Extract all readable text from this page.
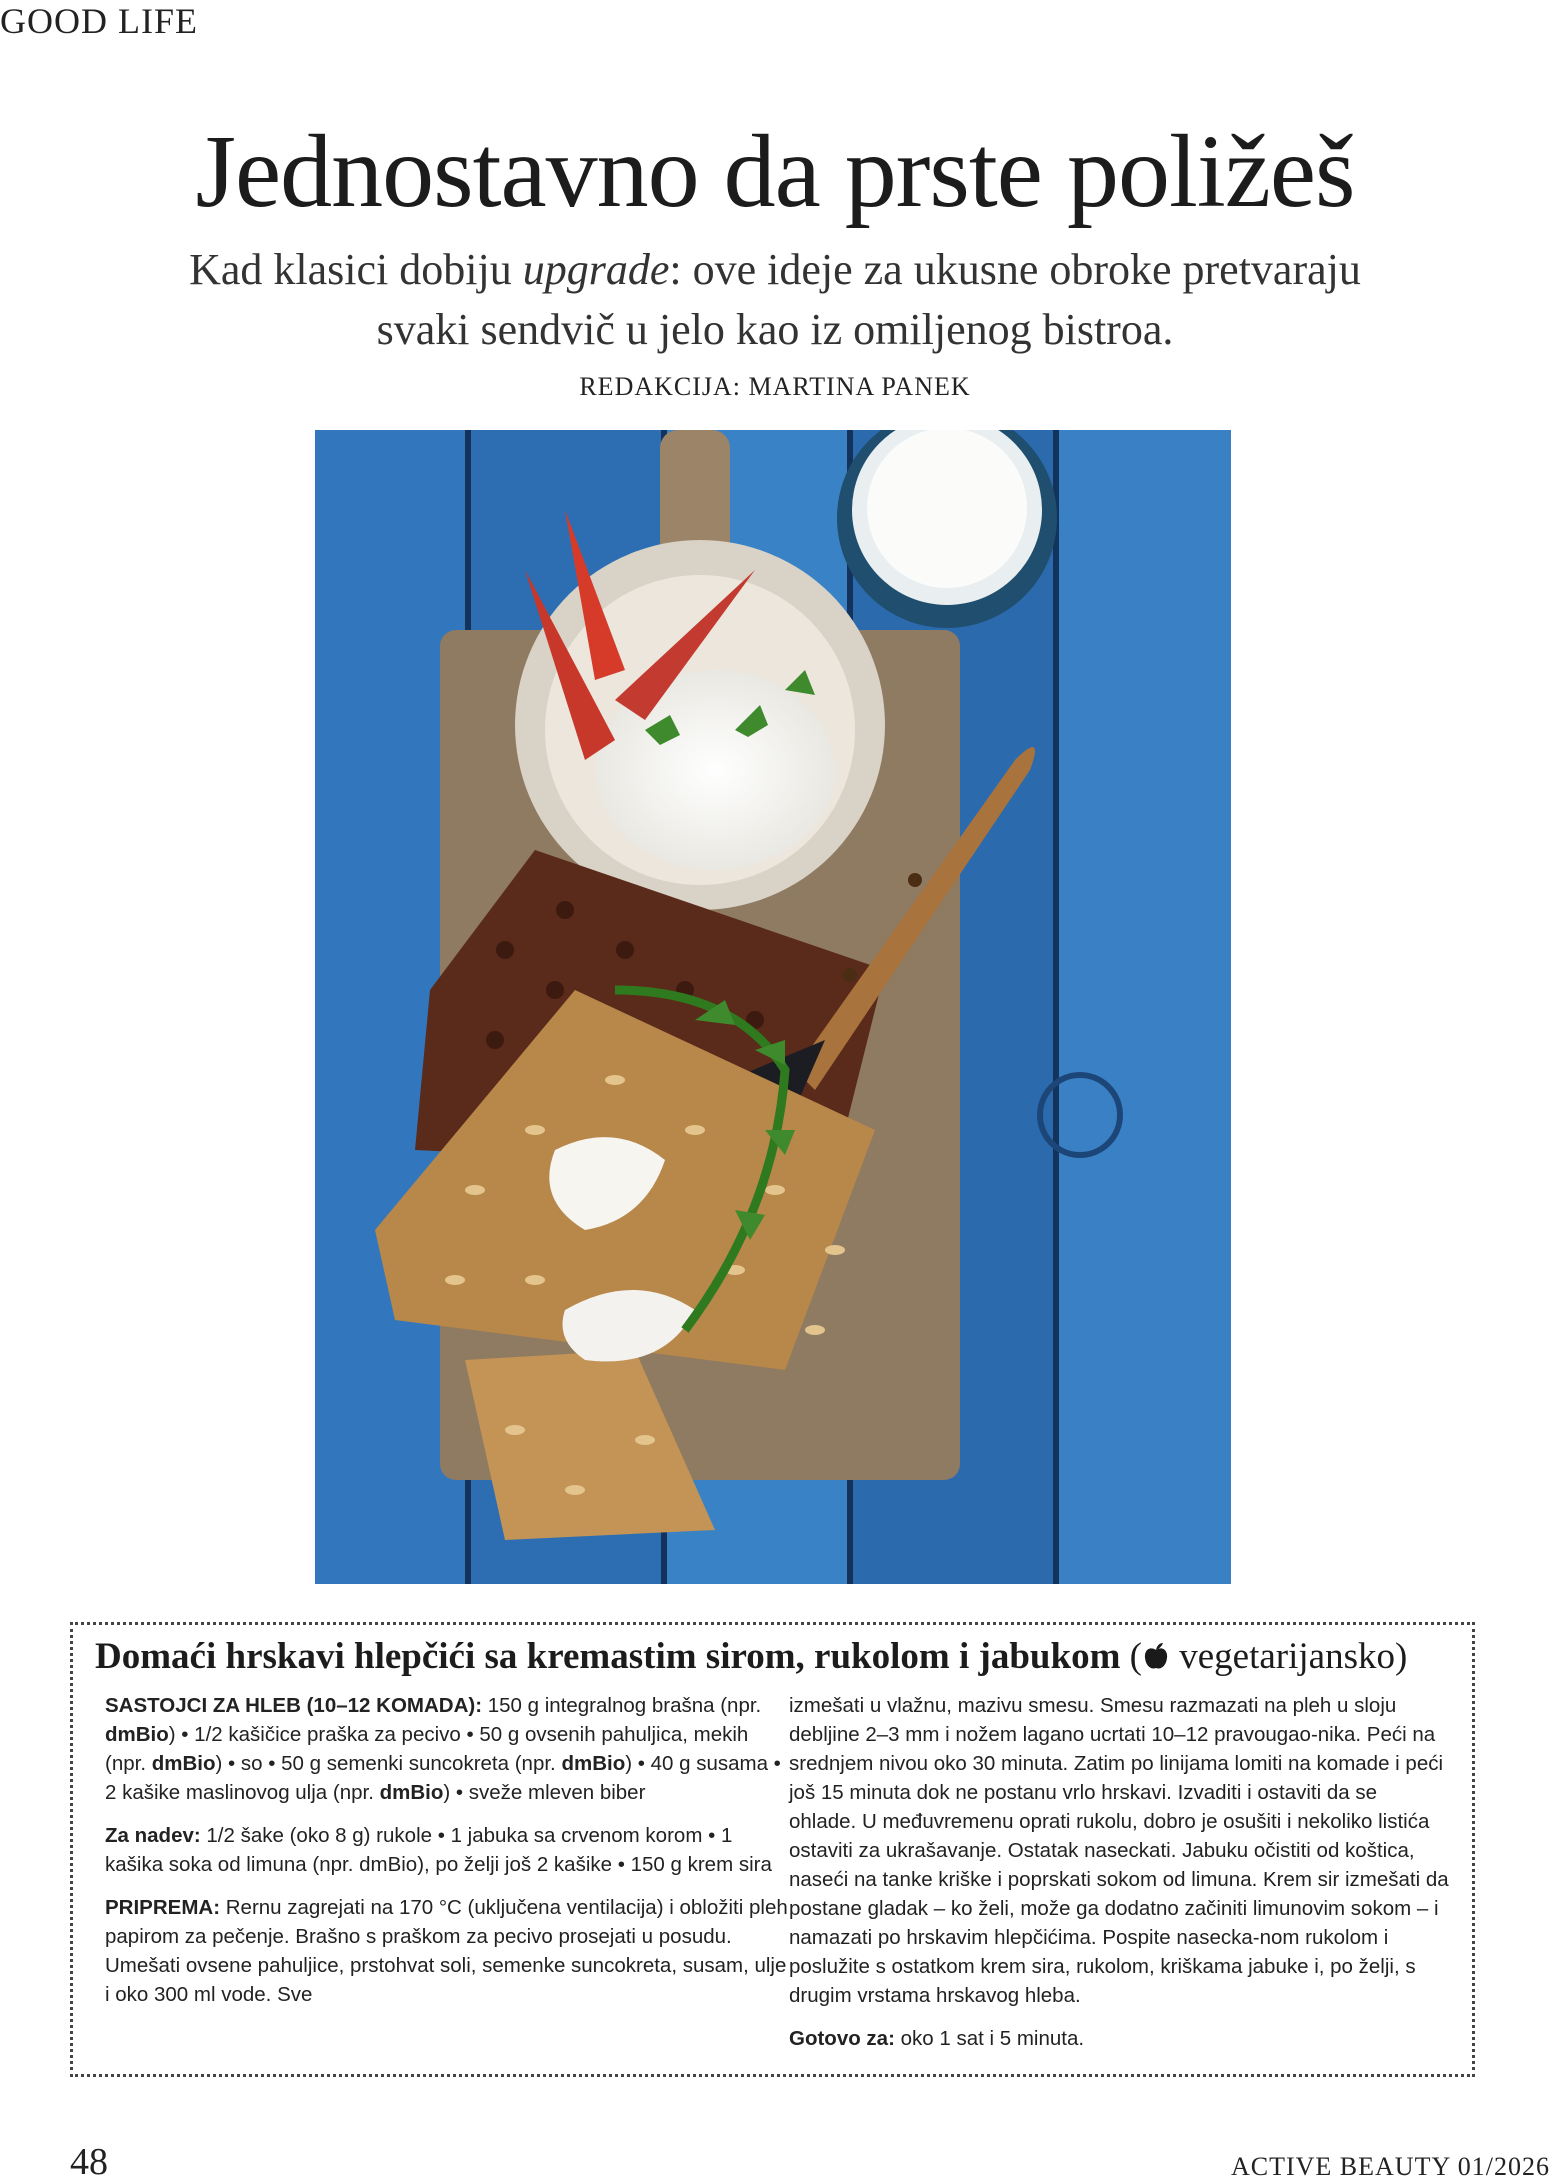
GOOD LIFE
Jednostavno da prste poližeš
Kad klasici dobiju upgrade: ove ideje za ukusne obroke pretvaraju svaki sendvič u jelo kao iz omiljenog bistroa.
REDAKCIJA: MARTINA PANEK
Domaći hrskavi hlepčići sa kremastim sirom, rukolom i jabukom ( vegetarijansko)

SASTOJCI ZA HLEB (10–12 KOMADA): 150 g integralnog brašna (npr. dmBio) • 1/2 kašičice praška za pecivo • 50 g ovsenih pahuljica, mekih (npr. dmBio) • so • 50 g semenki suncokreta (npr. dmBio) • 40 g susama • 2 kašike maslinovog ulja (npr. dmBio) • sveže mleven biber

Za nadev: 1/2 šake (oko 8 g) rukole • 1 jabuka sa crvenom korom • 1 kašika soka od limuna (npr. dmBio), po želji još 2 kašike • 150 g krem sira

PRIPREMA: Rernu zagrejati na 170 °C (uključena ventilacija) i obložiti pleh papirom za pečenje. Brašno s praškom za pecivo prosejati u posudu. Umešati ovsene pahuljice, prstohvat soli, semenke suncokreta, susam, ulje i oko 300 ml vode. Sve

izmešati u vlažnu, mazivu smesu. Smesu razmazati na pleh u sloju debljine 2–3 mm i nožem lagano ucrtati 10–12 pravougao-nika. Peći na srednjem nivou oko 30 minuta. Zatim po linijama lomiti na komade i peći još 15 minuta dok ne postanu vrlo hrskavi. Izvaditi i ostaviti da se ohlade. U međuvremenu oprati rukolu, dobro je osušiti i nekoliko listića ostaviti za ukrašavanje. Ostatak naseckati. Jabuku očistiti od koštica, naseći na tanke kriške i poprskati sokom od limuna. Krem sir izmešati da postane gladak – ko želi, može ga dodatno začiniti limunovim sokom – i namazati po hrskavim hlepčićima. Pospite nasecka-nom rukolom i poslužite s ostatkom krem sira, rukolom, kriškama jabuke i, po želji, s drugim vrstama hrskavog hleba.

Gotovo za: oko 1 sat i 5 minuta.

48	ACTIVE BEAUTY 01/2026
